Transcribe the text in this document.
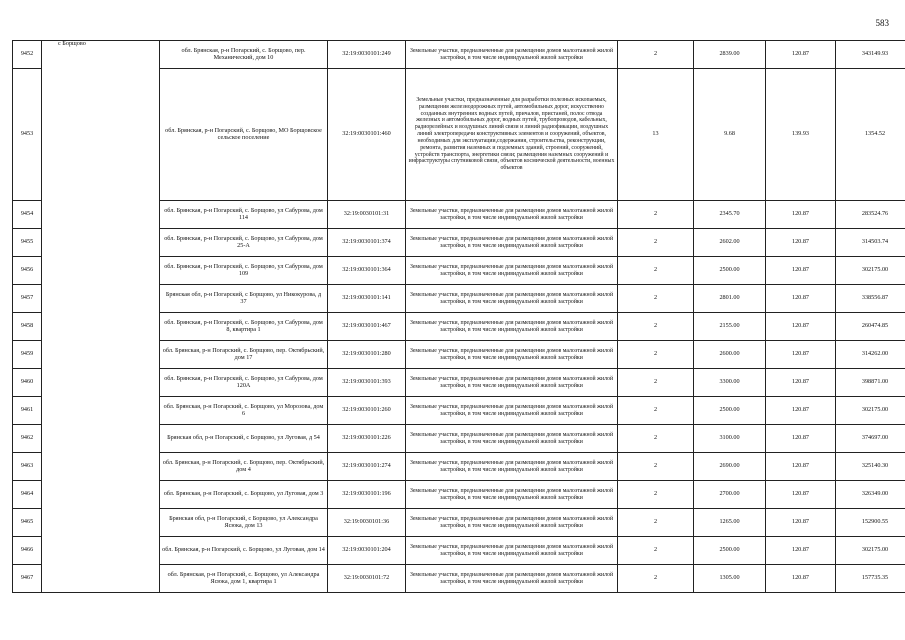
583
9452	с Борщово	обл. Брянская, р-н Погарский, с. Борщово, пер. Механический, дом 10	32:19:0030101:249	Земельные участки, предназначенные для размещения домов малоэтажной жилой застройки, в том числе индивидуальной жилой застройки	2	2839.00	120.87	343149.93
9453		обл. Брянская, р-н Погарский, с. Борщово, МО Борщовское сельское поселение	32:19:0030101:460	Земельные участки, предназначенные для разработки полезных ископаемых, размещения железнодорожных путей, автомобильных дорог, искусственно созданных внутренних водных путей, причалов, пристаней, полос отвода железных и автомобильных дорог, водных путей, трубопроводов, кабельных, радиорелейных и воздушных линий связи и линий радиофикации, воздушных линий электропередачи конструктивных элементов и сооружений, объектов, необходимых для эксплуатации,содержания, строительства, реконструкции, ремонта, развития наземных и подземных зданий, строений, сооружений, устройств транспорта, энергетики связи; размещения наземных сооружений и инфраструктуры спутниковой связи, объектов космической деятельности, военных объектов	13	9.68	139.93	1354.52
9454		обл. Брянская, р-н Погарский, с. Борщово, ул Сабурова, дом 114	32:19:0030101:31	Земельные участки, предназначенные для размещения домов малоэтажной жилой застройки, в том числе индивидуальной жилой застройки	2	2345.70	120.87	283524.76
9455		обл. Брянская, р-н Погарский, с. Борщово, ул Сабурова, дом 25-А	32:19:0030101:374	Земельные участки, предназначенные для размещения домов малоэтажной жилой застройки, в том числе индивидуальной жилой застройки	2	2602.00	120.87	314503.74
9456		обл. Брянская, р-н Погарский, с. Борщово, ул Сабурова, дом 109	32:19:0030101:364	Земельные участки, предназначенные для размещения домов малоэтажной жилой застройки, в том числе индивидуальной жилой застройки	2	2500.00	120.87	302175.00
9457		Брянская обл, р-н Погарский, с Борщово, ул Никокурова, д 37	32:19:0030101:141	Земельные участки, предназначенные для размещения домов малоэтажной жилой застройки, в том числе индивидуальной жилой застройки	2	2801.00	120.87	338556.87
9458		обл. Брянская, р-н Погарский, с. Борщово, ул Сабурова, дом 8, квартира 1	32:19:0030101:467	Земельные участки, предназначенные для размещения домов малоэтажной жилой застройки, в том числе индивидуальной жилой застройки	2	2155.00	120.87	260474.85
9459		обл. Брянская, р-н Погарский, с. Борщово, пер. Октябрьский, дом 17	32:19:0030101:280	Земельные участки, предназначенные для размещения домов малоэтажной жилой застройки, в том числе индивидуальной жилой застройки	2	2600.00	120.87	314262.00
9460		обл. Брянская, р-н Погарский, с. Борщово, ул Сабурова, дом 120А	32:19:0030101:393	Земельные участки, предназначенные для размещения домов малоэтажной жилой застройки, в том числе индивидуальной жилой застройки	2	3300.00	120.87	398871.00
9461		обл. Брянская, р-н Погарский, с. Борщово, ул Морозова, дом 6	32:19:0030101:260	Земельные участки, предназначенные для размещения домов малоэтажной жилой застройки, в том числе индивидуальной жилой застройки	2	2500.00	120.87	302175.00
9462		Брянская обл, р-н Погарский, с Борщово, ул Луговая, д 54	32:19:0030101:226	Земельные участки, предназначенные для размещения домов малоэтажной жилой застройки, в том числе индивидуальной жилой застройки	2	3100.00	120.87	374697.00
9463		обл. Брянская, р-н Погарский, с. Борщово, пер. Октябрьский, дом 4	32:19:0030101:274	Земельные участки, предназначенные для размещения домов малоэтажной жилой застройки, в том числе индивидуальной жилой застройки	2	2690.00	120.87	325140.30
9464		обл. Брянская, р-н Погарский, с. Борщово, ул Луговая, дом 3	32:19:0030101:196	Земельные участки, предназначенные для размещения домов малоэтажной жилой застройки, в том числе индивидуальной жилой застройки	2	2700.00	120.87	326349.00
9465		Брянская обл, р-н Погарский, с Борщово, ул Александра Ясюка, дом 13	32:19:0030101:36	Земельные участки, предназначенные для размещения домов малоэтажной жилой застройки, в том числе индивидуальной жилой застройки	2	1265.00	120.87	152900.55
9466		обл. Брянская, р-н Погарский, с. Борщово, ул Луговая, дом 14	32:19:0030101:204	Земельные участки, предназначенные для размещения домов малоэтажной жилой застройки, в том числе индивидуальной жилой застройки	2	2500.00	120.87	302175.00
9467		обл. Брянская, р-н Погарский, с. Борщово, ул Александра Ясюка, дом 1, квартира 1	32:19:0030101:72	Земельные участки, предназначенные для размещения домов малоэтажной жилой застройки, в том числе индивидуальной жилой застройки	2	1305.00	120.87	157735.35
